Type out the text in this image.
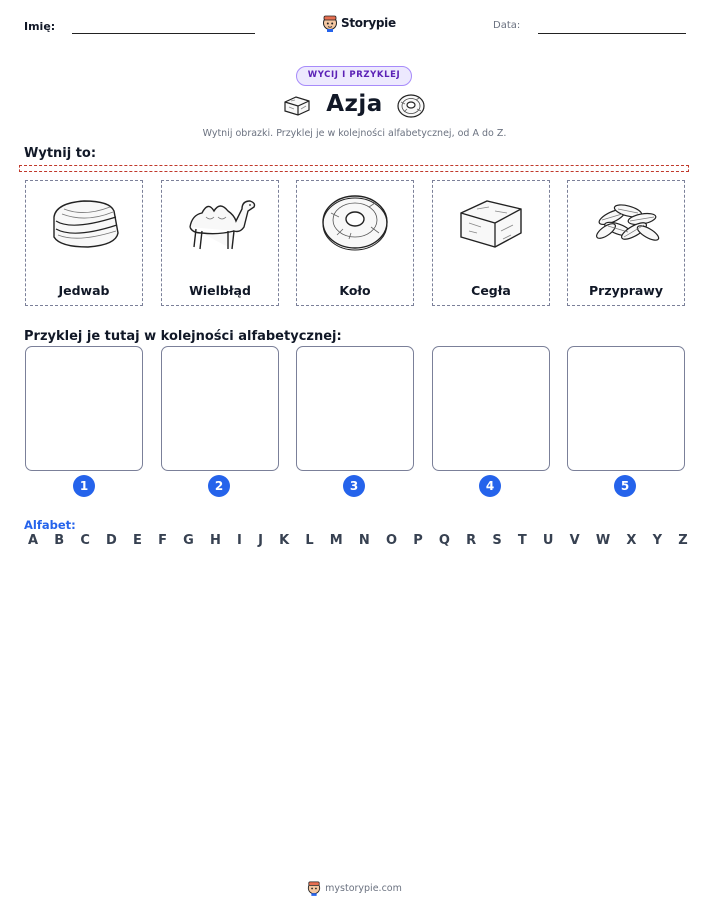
Imię:	Storypie	Data:
WYCIJ I PRZYKLEJ
Azja
Wytnij obrazki. Przyklej je w kolejności alfabetycznej, od A do Z.
Wytnij to:
Jedwab	Wielbłąd	Koło	Cegła	Przyprawy
Przyklej je tutaj w kolejności alfabetycznej:
1	2	3	4	5
Alfabet:
A B C D E F G H I J K L M N O P Q R S T U V W X Y Z
mystorypie.com
